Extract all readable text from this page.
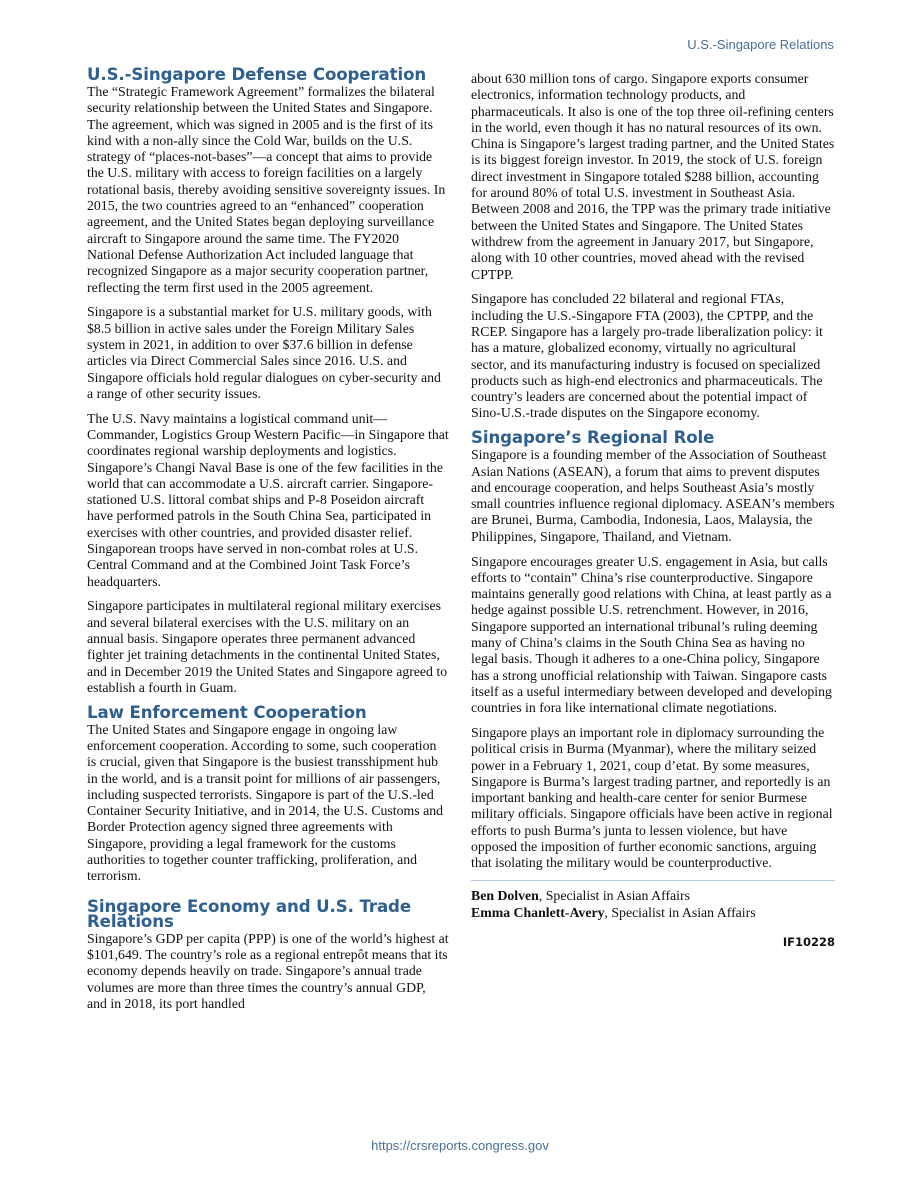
U.S.-Singapore Relations
U.S.-Singapore Defense Cooperation

The “Strategic Framework Agreement” formalizes the bilateral security relationship between the United States and Singapore. The agreement, which was signed in 2005 and is the first of its kind with a non-ally since the Cold War, builds on the U.S. strategy of “places-not-bases”—a concept that aims to provide the U.S. military with access to foreign facilities on a largely rotational basis, thereby avoiding sensitive sovereignty issues. In 2015, the two countries agreed to an “enhanced” cooperation agreement, and the United States began deploying surveillance aircraft to Singapore around the same time. The FY2020 National Defense Authorization Act included language that recognized Singapore as a major security cooperation partner, reflecting the term first used in the 2005 agreement.

Singapore is a substantial market for U.S. military goods, with $8.5 billion in active sales under the Foreign Military Sales system in 2021, in addition to over $37.6 billion in defense articles via Direct Commercial Sales since 2016. U.S. and Singapore officials hold regular dialogues on cyber-security and a range of other security issues.

The U.S. Navy maintains a logistical command unit—Commander, Logistics Group Western Pacific—in Singapore that coordinates regional warship deployments and logistics. Singapore’s Changi Naval Base is one of the few facilities in the world that can accommodate a U.S. aircraft carrier. Singapore-stationed U.S. littoral combat ships and P-8 Poseidon aircraft have performed patrols in the South China Sea, participated in exercises with other countries, and provided disaster relief. Singaporean troops have served in non-combat roles at U.S. Central Command and at the Combined Joint Task Force’s headquarters.

Singapore participates in multilateral regional military exercises and several bilateral exercises with the U.S. military on an annual basis. Singapore operates three permanent advanced fighter jet training detachments in the continental United States, and in December 2019 the United States and Singapore agreed to establish a fourth in Guam.

Law Enforcement Cooperation

The United States and Singapore engage in ongoing law enforcement cooperation. According to some, such cooperation is crucial, given that Singapore is the busiest transshipment hub in the world, and is a transit point for millions of air passengers, including suspected terrorists. Singapore is part of the U.S.-led Container Security Initiative, and in 2014, the U.S. Customs and Border Protection agency signed three agreements with Singapore, providing a legal framework for the customs authorities to together counter trafficking, proliferation, and terrorism.

Singapore Economy and U.S. Trade
Relations

Singapore’s GDP per capita (PPP) is one of the world’s highest at $101,649. The country’s role as a regional entrepôt means that its economy depends heavily on trade. Singapore’s annual trade volumes are more than three times the country’s annual GDP, and in 2018, its port handled

about 630 million tons of cargo. Singapore exports consumer electronics, information technology products, and pharmaceuticals. It also is one of the top three oil-refining centers in the world, even though it has no natural resources of its own. China is Singapore’s largest trading partner, and the United States is its biggest foreign investor. In 2019, the stock of U.S. foreign direct investment in Singapore totaled $288 billion, accounting for around 80% of total U.S. investment in Southeast Asia. Between 2008 and 2016, the TPP was the primary trade initiative between the United States and Singapore. The United States withdrew from the agreement in January 2017, but Singapore, along with 10 other countries, moved ahead with the revised CPTPP.

Singapore has concluded 22 bilateral and regional FTAs, including the U.S.-Singapore FTA (2003), the CPTPP, and the RCEP. Singapore has a largely pro-trade liberalization policy: it has a mature, globalized economy, virtually no agricultural sector, and its manufacturing industry is focused on specialized products such as high-end electronics and pharmaceuticals. The country’s leaders are concerned about the potential impact of Sino-U.S.-trade disputes on the Singapore economy.

Singapore’s Regional Role

Singapore is a founding member of the Association of Southeast Asian Nations (ASEAN), a forum that aims to prevent disputes and encourage cooperation, and helps Southeast Asia’s mostly small countries influence regional diplomacy. ASEAN’s members are Brunei, Burma, Cambodia, Indonesia, Laos, Malaysia, the Philippines, Singapore, Thailand, and Vietnam.

Singapore encourages greater U.S. engagement in Asia, but calls efforts to “contain” China’s rise counterproductive. Singapore maintains generally good relations with China, at least partly as a hedge against possible U.S. retrenchment. However, in 2016, Singapore supported an international tribunal’s ruling deeming many of China’s claims in the South China Sea as having no legal basis. Though it adheres to a one-China policy, Singapore has a strong unofficial relationship with Taiwan. Singapore casts itself as a useful intermediary between developed and developing countries in fora like international climate negotiations.

Singapore plays an important role in diplomacy surrounding the political crisis in Burma (Myanmar), where the military seized power in a February 1, 2021, coup d’etat. By some measures, Singapore is Burma’s largest trading partner, and reportedly is an important banking and health-care center for senior Burmese military officials. Singapore officials have been active in regional efforts to push Burma’s junta to lessen violence, but have opposed the imposition of further economic sanctions, arguing that isolating the military would be counterproductive.

Ben Dolven, Specialist in Asian Affairs
Emma Chanlett-Avery, Specialist in Asian Affairs
IF10228
https://crsreports.congress.gov
